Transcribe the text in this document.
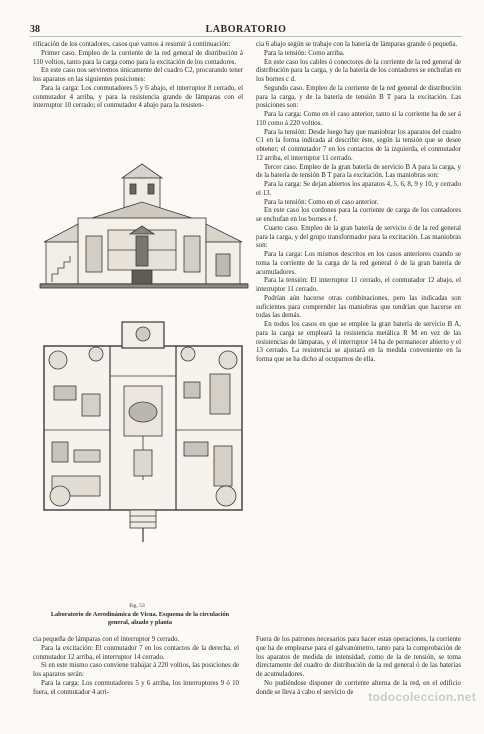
38	LABORATORIO

rificación de los contadores, casos que vamos á resumir á continuación:

Primer caso. Empleo de la corriente de la red general de distribución á 110 voltios, tanto para la carga como para la excitación de los contadores.

En este caso nos serviremos únicamente del cuadro C2, procurando tener los aparatos en las siguientes posiciones:

Para la carga: Los conmutadores 5 y 6 abajo, el interruptor 8 cerrado, el conmutador 4 arriba, y para la resistencia grande de lámparas con el interruptor 10 cerrado; el conmutador 4 abajo para la resisten-

Fig. 53
Laboratorio de Aerodinámica de Vicua. Esquema de la circulación
general, alzado y planta

cia 6 abajo según se trabaje con la batería de lámparas grande ó pequeña.

Para la tensión: Como arriba.

En este caso los cables ó conectores de la corriente de la red general de distribución para la carga, y de la batería de los contadores se enchufan en los bornes c d.

Segundo caso. Empleo de la corriente de la red general de distribución para la carga, y de la batería de tensión B T para la excitación. Las posiciones son:

Para la carga: Como en el caso anterior, tanto si la corriente ha de ser á 110 como á 220 voltios.

Para la tensión: Desde luego hay que maniobrar los aparatos del cuadro C1 en la forma indicada al describir éste, según la tensión que se desee obtener; el conmutador 7 en los contactos de la izquierda, el conmutador 12 arriba, el interruptor 11 cerrado.

Tercer caso. Empleo de la gran batería de servicio B A para la carga, y de la batería de tensión B T para la excitación. Las maniobras son:

Para la carga: Se dejan abiertos los aparatos 4, 5, 6, 8, 9 y 10, y cerrado el 13.

Para la tensión: Como en el caso anterior.

En este caso los cordones para la corriente de carga de los contadores se enchufan en los bornes e f.

Cuarto caso. Empleo de la gran batería de servicio ó de la red general para la carga, y del grupo transformador para la excitación. Las maniobras son:

Para la carga: Los mismos descritos en los casos anteriores cuando se toma la corriente de la carga de la red general ó de la gran batería de acumuladores.

Para la tensión: El interruptor 11 cerrado, el conmutador 12 abajo, el interruptor 11 cerrado.

Podrían aún hacerse otras combinaciones, pero las indicadas son suficientes para comprender las maniobras que tendrían que hacerse en todas las demás.

En todos los casos en que se emplee la gran batería de servicio B A, para la carga se empleará la resistencia metálica R M en vez de las resistencias de lámparas, y el interruptor 14 ha de permanecer abierto y el 13 cerrado. La resistencia se ajustará en la medida conveniente en la forma que se ha dicho al ocuparnos de ella.

cia pequeña de lámparas con el interruptor 9 cerrado.

Para la excitación: El conmutador 7 en los contactos de la derecha, el conmutador 12 arriba, el interruptor 14 cerrado.

Si en este mismo caso conviene trabajar á 220 voltios, las posiciones de los aparatos serán:

Para la carga: Los conmutadores 5 y 6 arriba, los interruptores 9 ó 10 fuera, el conmutador 4 arri-

Fuera de los patrones necesarios para hacer estas operaciones, la corriente que ha de emplearse para el galvanómetro, tanto para la comprobación de los aparatos de medida de intensidad, como de la de tensión, se toma directamente del cuadro de distribución de la red general ó de las baterías de acumuladores.

No pudiéndose disponer de corriente alterna de la red, en el edificio donde se lleva á cabo el servicio de	todocoleccion.net
